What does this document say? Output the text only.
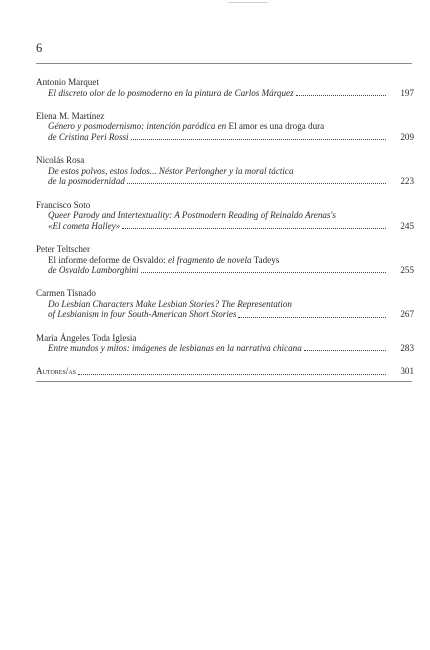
6
Antonio Marquet
El discreto olor de lo posmoderno en la pintura de Carlos Márquez	197
Elena M. Martínez
Género y posmodernismo: intención paródica en El amor es una droga dura
de Cristina Peri Rossi	209
Nicolás Rosa
De estos polvos, estos lodos... Néstor Perlongher y la moral táctica
de la posmodernidad	223
Francisco Soto
Queer Parody and Intertextuality: A Postmodern Reading of Reinaldo Arenas's
«El cometa Halley»	245
Peter Teltscher
El informe deforme de Osvaldo: el fragmento de novela Tadeys
de Osvaldo Lamborghini	255
Carmen Tisnado
Do Lesbian Characters Make Lesbian Stories? The Representation
of Lesbianism in four South-American Short Stories	267
María Ángeles Toda Iglesia
Entre mundos y mitos: imágenes de lesbianas en la narrativa chicana	283
Autores/as	301
